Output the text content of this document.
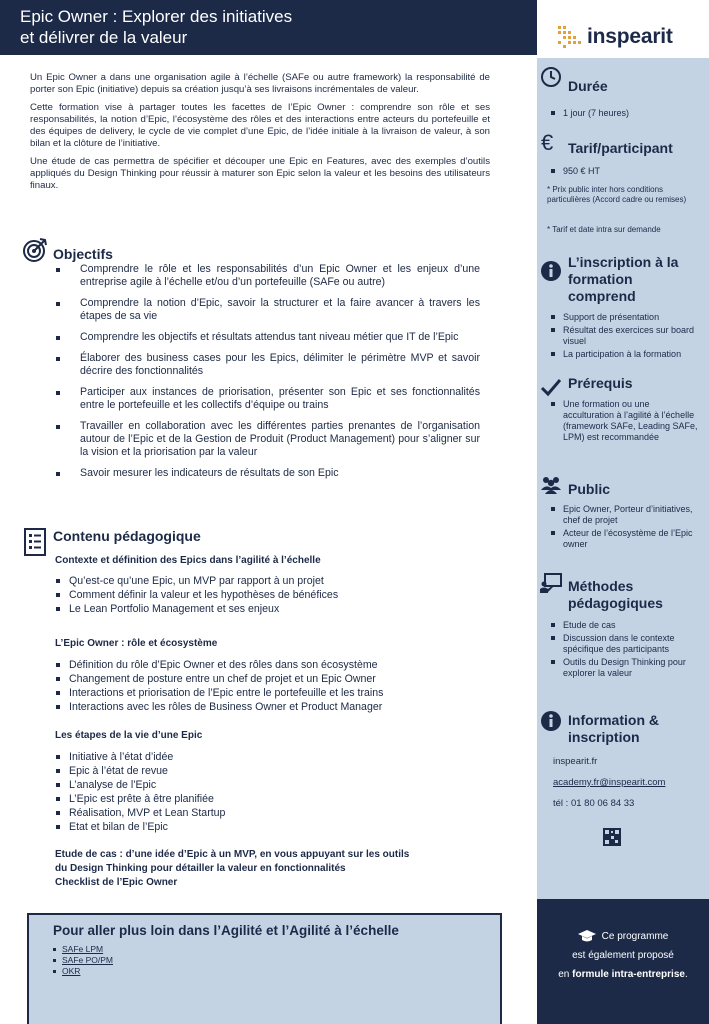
Epic Owner : Explorer des initiatives
et délivrer de la valeur	inspearit

Un Epic Owner a dans une organisation agile à l’échelle (SAFe ou autre framework) la responsabilité de porter son Epic (initiative) depuis sa création jusqu’à ses livraisons incrémentales de valeur.

Cette formation vise à partager toutes les facettes de l’Epic Owner : comprendre son rôle et ses responsabilités, la notion d’Epic, l’écosystème des rôles et des interactions entre acteurs du portefeuille et des équipes de delivery, le cycle de vie complet d’une Epic, de l’idée initiale à la livraison de valeur, à son bilan et la clôture de l’initiative.

Une étude de cas permettra de spécifier et découper une Epic en Features, avec des exemples d’outils appliqués du Design Thinking pour réussir à maturer son Epic selon la valeur et les besoins des utilisateurs finaux.

Objectifs
Comprendre le rôle et les responsabilités d’un Epic Owner et les enjeux d’une entreprise agile à l’échelle et/ou d’un portefeuille (SAFe ou autre)
Comprendre la notion d’Epic, savoir la structurer et la faire avancer à travers les étapes de sa vie
Comprendre les objectifs et résultats attendus tant niveau métier que IT de l’Epic
Élaborer des business cases pour les Epics, délimiter le périmètre MVP et savoir décrire des fonctionnalités
Participer aux instances de priorisation, présenter son Epic et ses fonctionnalités entre le portefeuille et les collectifs d’équipe ou trains
Travailler en collaboration avec les différentes parties prenantes de l’organisation autour de l’Epic et de la Gestion de Produit (Product Management) pour s’aligner sur la vision et la priorisation par la valeur
Savoir mesurer les indicateurs de résultats de son Epic
Contenu pédagogique
Contexte et définition des Epics dans l’agilité à l’échelle
Qu’est-ce qu’une Epic, un MVP par rapport à un projet
Comment définir la valeur et les hypothèses de bénéfices
Le Lean Portfolio Management et ses enjeux
L’Epic Owner : rôle et écosystème
Définition du rôle d’Epic Owner et des rôles dans son écosystème
Changement de posture entre un chef de projet et un Epic Owner
Interactions et priorisation de l’Epic entre le portefeuille et les trains
Interactions avec les rôles de Business Owner et Product Manager
Les étapes de la vie d’une Epic
Initiative à l’état d’idée
Epic à l’état de revue
L’analyse de l’Epic
L’Epic est prête à être planifiée
Réalisation, MVP et Lean Startup
Etat et bilan de l’Epic
Etude de cas : d’une idée d’Epic à un MVP, en vous appuyant sur les outils
du Design Thinking pour détailler la valeur en fonctionnalités
Checklist de l’Epic Owner
Pour aller plus loin dans l’Agilité et l’Agilité à l’échelle
SAFe LPM
SAFe PO/PM
OKR
Durée
1 jour (7 heures)
€ Tarif/participant
950 € HT
* Prix public inter hors conditions particulières (Accord cadre ou remises)
* Tarif et date intra sur demande
L’inscription à la
formation
comprend
Support de présentation
Résultat des exercices sur board visuel
La participation à la formation
Prérequis
Une formation ou une acculturation à l’agilité à l’échelle (framework SAFe, Leading SAFe, LPM) est recommandée
Public
Epic Owner, Porteur d’initiatives, chef de projet
Acteur de l’écosystème de l’Epic owner
Méthodes
pédagogiques
Etude de cas
Discussion dans le contexte spécifique des participants
Outils du Design Thinking pour explorer la valeur
Information &
inscription
inspearit.fr
academy.fr@inspearit.com
tél : 01 80 06 84 33
Ce programme
est également proposé
en formule intra-entreprise.
